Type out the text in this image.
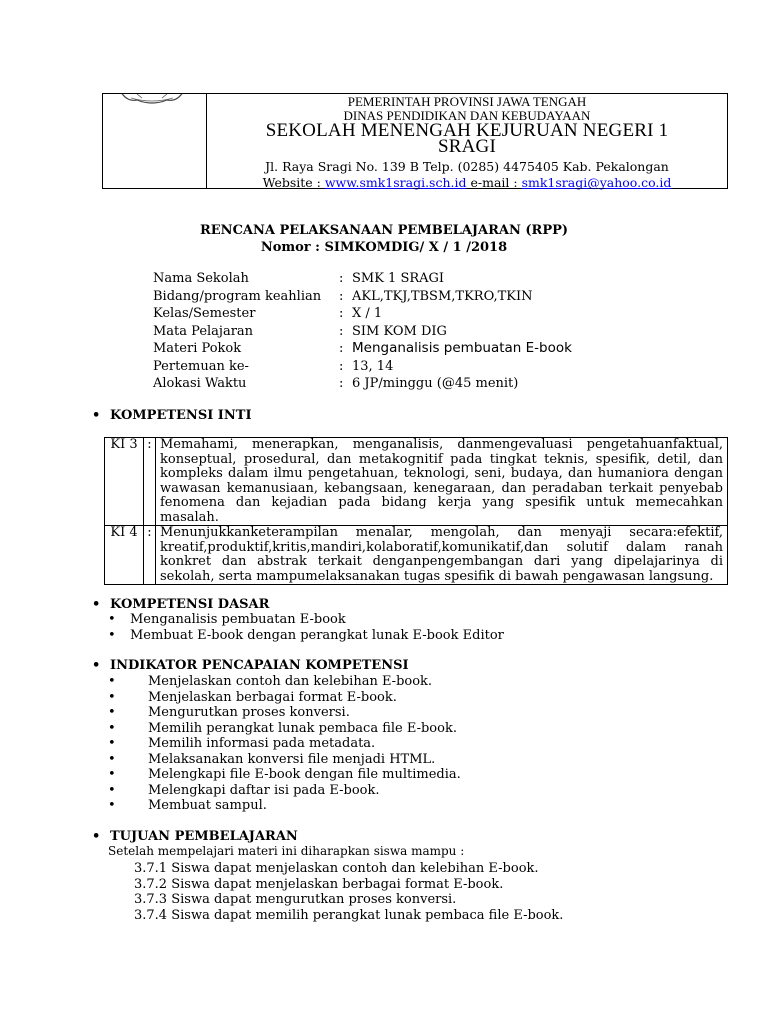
PEMERINTAH PROVINSI JAWA TENGAH
DINAS PENDIDIKAN DAN KEBUDAYAAN
SEKOLAH MENENGAH KEJURUAN NEGERI 1
SRAGI
Jl. Raya Sragi No. 139 B Telp. (0285) 4475405 Kab. Pekalongan
Website : www.smk1sragi.sch.id e-mail : smk1sragi@yahoo.co.id
RENCANA PELAKSANAAN PEMBELAJARAN (RPP)
Nomor : SIMKOMDIG/ X / 1 /2018
Nama Sekolah	: SMK 1 SRAGI
Bidang/program keahlian	: AKL,TKJ,TBSM,TKRO,TKIN
Kelas/Semester	: X / 1
Mata Pelajaran	: SIM KOM DIG
Materi Pokok	: Menganalisis pembuatan E-book
Pertemuan ke-	: 13, 14
Alokasi Waktu	: 6 JP/minggu (@45 menit)
• KOMPETENSI INTI
KI 3	:	Memahami, menerapkan, menganalisis, danmengevaluasi pengetahuanfaktual,
konseptual, prosedural, dan metakognitif pada tingkat teknis, spesifik, detil, dan
kompleks dalam ilmu pengetahuan, teknologi, seni, budaya, dan humaniora dengan
wawasan kemanusiaan, kebangsaan, kenegaraan, dan peradaban terkait penyebab
fenomena dan kejadian pada bidang kerja yang spesifik untuk memecahkan masalah.

KI 4	:	Menunjukkanketerampilan menalar, mengolah, dan menyaji secara:efektif,
kreatif,produktif,kritis,mandiri,kolaboratif,komunikatif,dan solutif dalam ranah
konkret dan abstrak terkait denganpengembangan dari yang dipelajarinya di
sekolah, serta mampumelaksanakan tugas spesifik di bawah pengawasan langsung.
• KOMPETENSI DASAR
•	Menganalisis pembuatan E-book
•	Membuat E-book dengan perangkat lunak E-book Editor
• INDIKATOR PENCAPAIAN KOMPETENSI
•	Menjelaskan contoh dan kelebihan E-book.
•	Menjelaskan berbagai format E-book.
•	Mengurutkan proses konversi.
•	Memilih perangkat lunak pembaca file E-book.
•	Memilih informasi pada metadata.
•	Melaksanakan konversi file menjadi HTML.
•	Melengkapi file E-book dengan file multimedia.
•	Melengkapi daftar isi pada E-book.
•	Membuat sampul.
• TUJUAN PEMBELAJARAN
Setelah mempelajari materi ini diharapkan siswa mampu :
3.7.1 Siswa dapat menjelaskan contoh dan kelebihan E-book.
3.7.2 Siswa dapat menjelaskan berbagai format E-book.
3.7.3 Siswa dapat mengurutkan proses konversi.
3.7.4 Siswa dapat memilih perangkat lunak pembaca file E-book.
